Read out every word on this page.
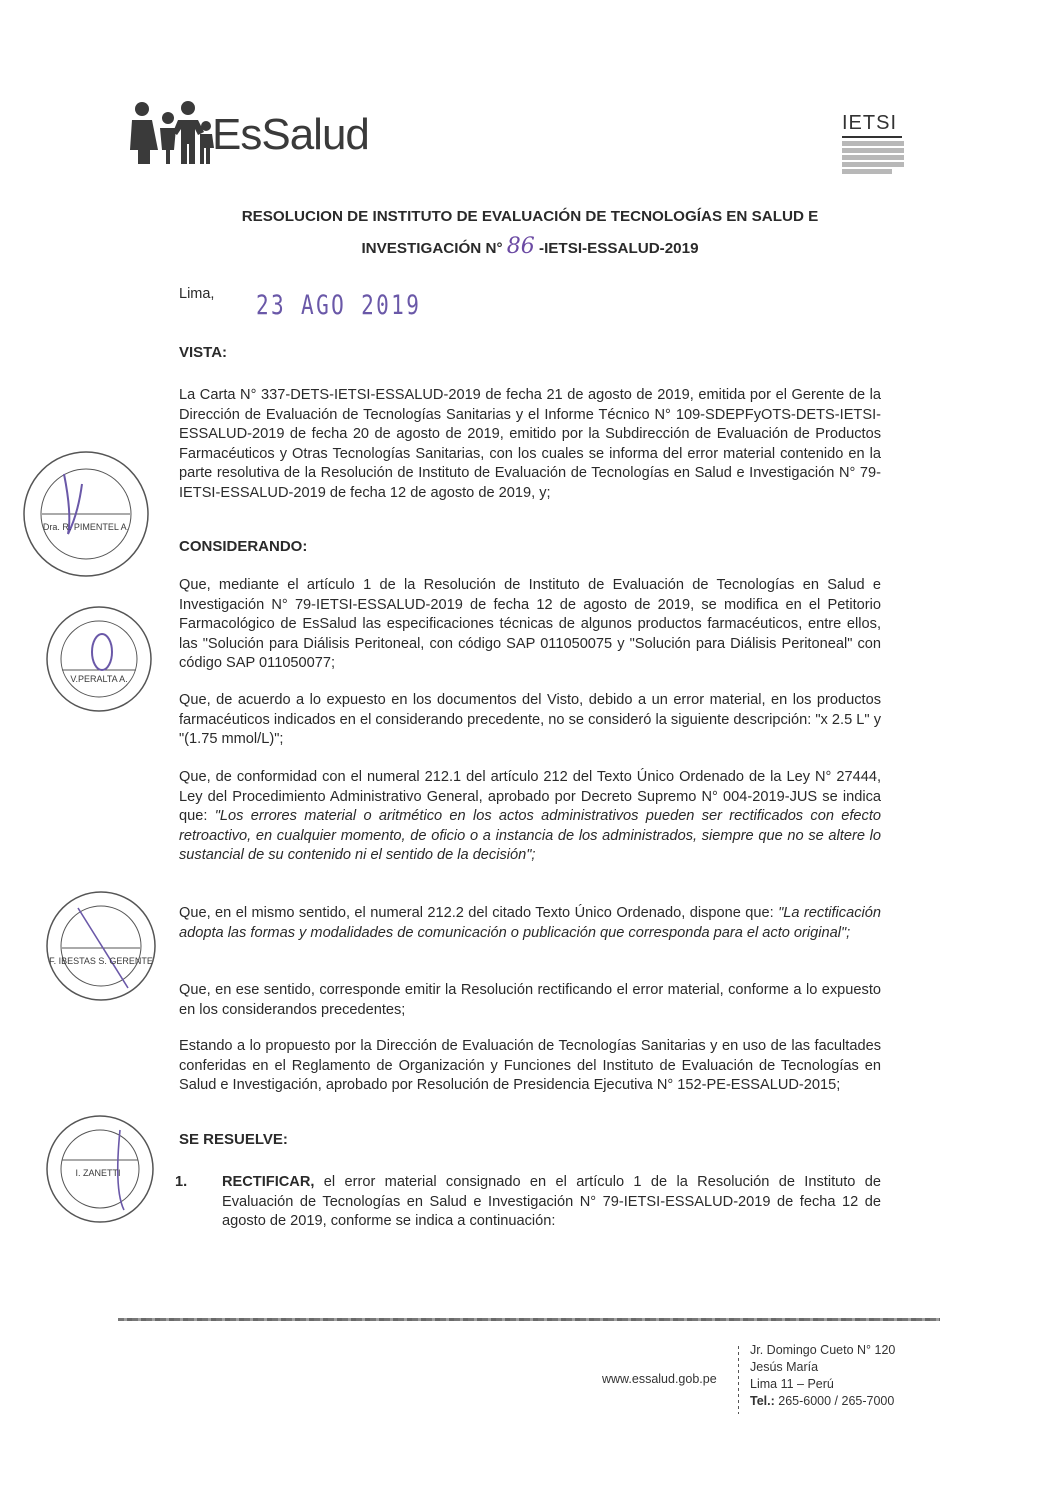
EsSalud	IETSI
RESOLUCION DE INSTITUTO DE EVALUACIÓN DE TECNOLOGÍAS EN SALUD E
INVESTIGACIÓN N° 86 -IETSI-ESSALUD-2019
Lima, 23 AGO 2019
VISTA:
La Carta N° 337-DETS-IETSI-ESSALUD-2019 de fecha 21 de agosto de 2019, emitida por el Gerente de la Dirección de Evaluación de Tecnologías Sanitarias y el Informe Técnico N° 109-SDEPFyOTS-DETS-IETSI-ESSALUD-2019 de fecha 20 de agosto de 2019, emitido por la Subdirección de Evaluación de Productos Farmacéuticos y Otras Tecnologías Sanitarias, con los cuales se informa del error material contenido en la parte resolutiva de la Resolución de Instituto de Evaluación de Tecnologías en Salud e Investigación N° 79-IETSI-ESSALUD-2019 de fecha 12 de agosto de 2019, y;
CONSIDERANDO:
Que, mediante el artículo 1 de la Resolución de Instituto de Evaluación de Tecnologías en Salud e Investigación N° 79-IETSI-ESSALUD-2019 de fecha 12 de agosto de 2019, se modifica en el Petitorio Farmacológico de EsSalud las especificaciones técnicas de algunos productos farmacéuticos, entre ellos, las "Solución para Diálisis Peritoneal, con código SAP 011050075 y "Solución para Diálisis Peritoneal" con código SAP 011050077;
Que, de acuerdo a lo expuesto en los documentos del Visto, debido a un error material, en los productos farmacéuticos indicados en el considerando precedente, no se consideró la siguiente descripción: "x 2.5 L" y "(1.75 mmol/L)";
Que, de conformidad con el numeral 212.1 del artículo 212 del Texto Único Ordenado de la Ley N° 27444, Ley del Procedimiento Administrativo General, aprobado por Decreto Supremo N° 004-2019-JUS se indica que: "Los errores material o aritmético en los actos administrativos pueden ser rectificados con efecto retroactivo, en cualquier momento, de oficio o a instancia de los administrados, siempre que no se altere lo sustancial de su contenido ni el sentido de la decisión";
Que, en el mismo sentido, el numeral 212.2 del citado Texto Único Ordenado, dispone que: "La rectificación adopta las formas y modalidades de comunicación o publicación que corresponda para el acto original";
Que, en ese sentido, corresponde emitir la Resolución rectificando el error material, conforme a lo expuesto en los considerandos precedentes;
Estando a lo propuesto por la Dirección de Evaluación de Tecnologías Sanitarias y en uso de las facultades conferidas en el Reglamento de Organización y Funciones del Instituto de Evaluación de Tecnologías en Salud e Investigación, aprobado por Resolución de Presidencia Ejecutiva N° 152-PE-ESSALUD-2015;
SE RESUELVE:
1. RECTIFICAR, el error material consignado en el artículo 1 de la Resolución de Instituto de Evaluación de Tecnologías en Salud e Investigación N° 79-IETSI-ESSALUD-2019 de fecha 12 de agosto de 2019, conforme se indica a continuación:
Dra. R. PIMENTEL A.
V.PERALTA A.
F. IBESTAS S. GERENTE
I. ZANETTI
www.essalud.gob.pe
Jr. Domingo Cueto N° 120
Jesús María
Lima 11 – Perú
Tel.: 265-6000 / 265-7000
